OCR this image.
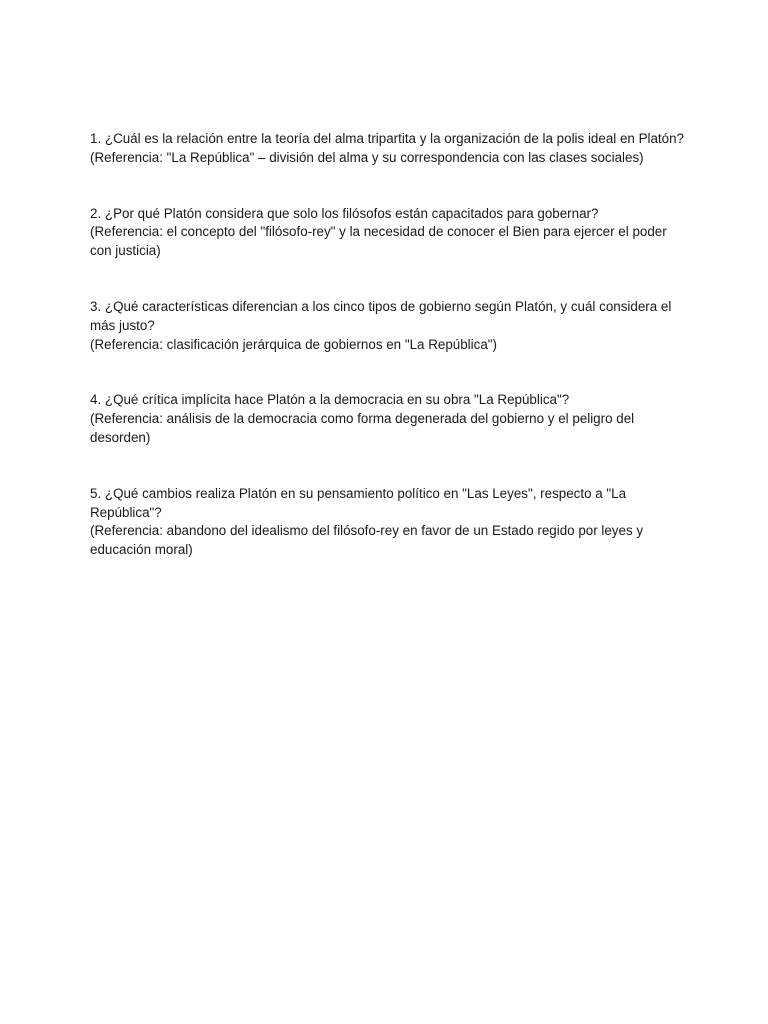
1. ¿Cuál es la relación entre la teoría del alma tripartita y la organización de la polis ideal en Platón?

(Referencia: "La República" – división del alma y su correspondencia con las clases sociales)

2. ¿Por qué Platón considera que solo los filósofos están capacitados para gobernar?

(Referencia: el concepto del "filósofo-rey" y la necesidad de conocer el Bien para ejercer el poder con justicia)

3. ¿Qué características diferencian a los cinco tipos de gobierno según Platón, y cuál considera el más justo?

(Referencia: clasificación jerárquica de gobiernos en "La República")

4. ¿Qué crítica implícita hace Platón a la democracia en su obra "La República"?

(Referencia: análisis de la democracia como forma degenerada del gobierno y el peligro del desorden)

5. ¿Qué cambios realiza Platón en su pensamiento político en "Las Leyes", respecto a "La República"?

(Referencia: abandono del idealismo del filósofo-rey en favor de un Estado regido por leyes y educación moral)
